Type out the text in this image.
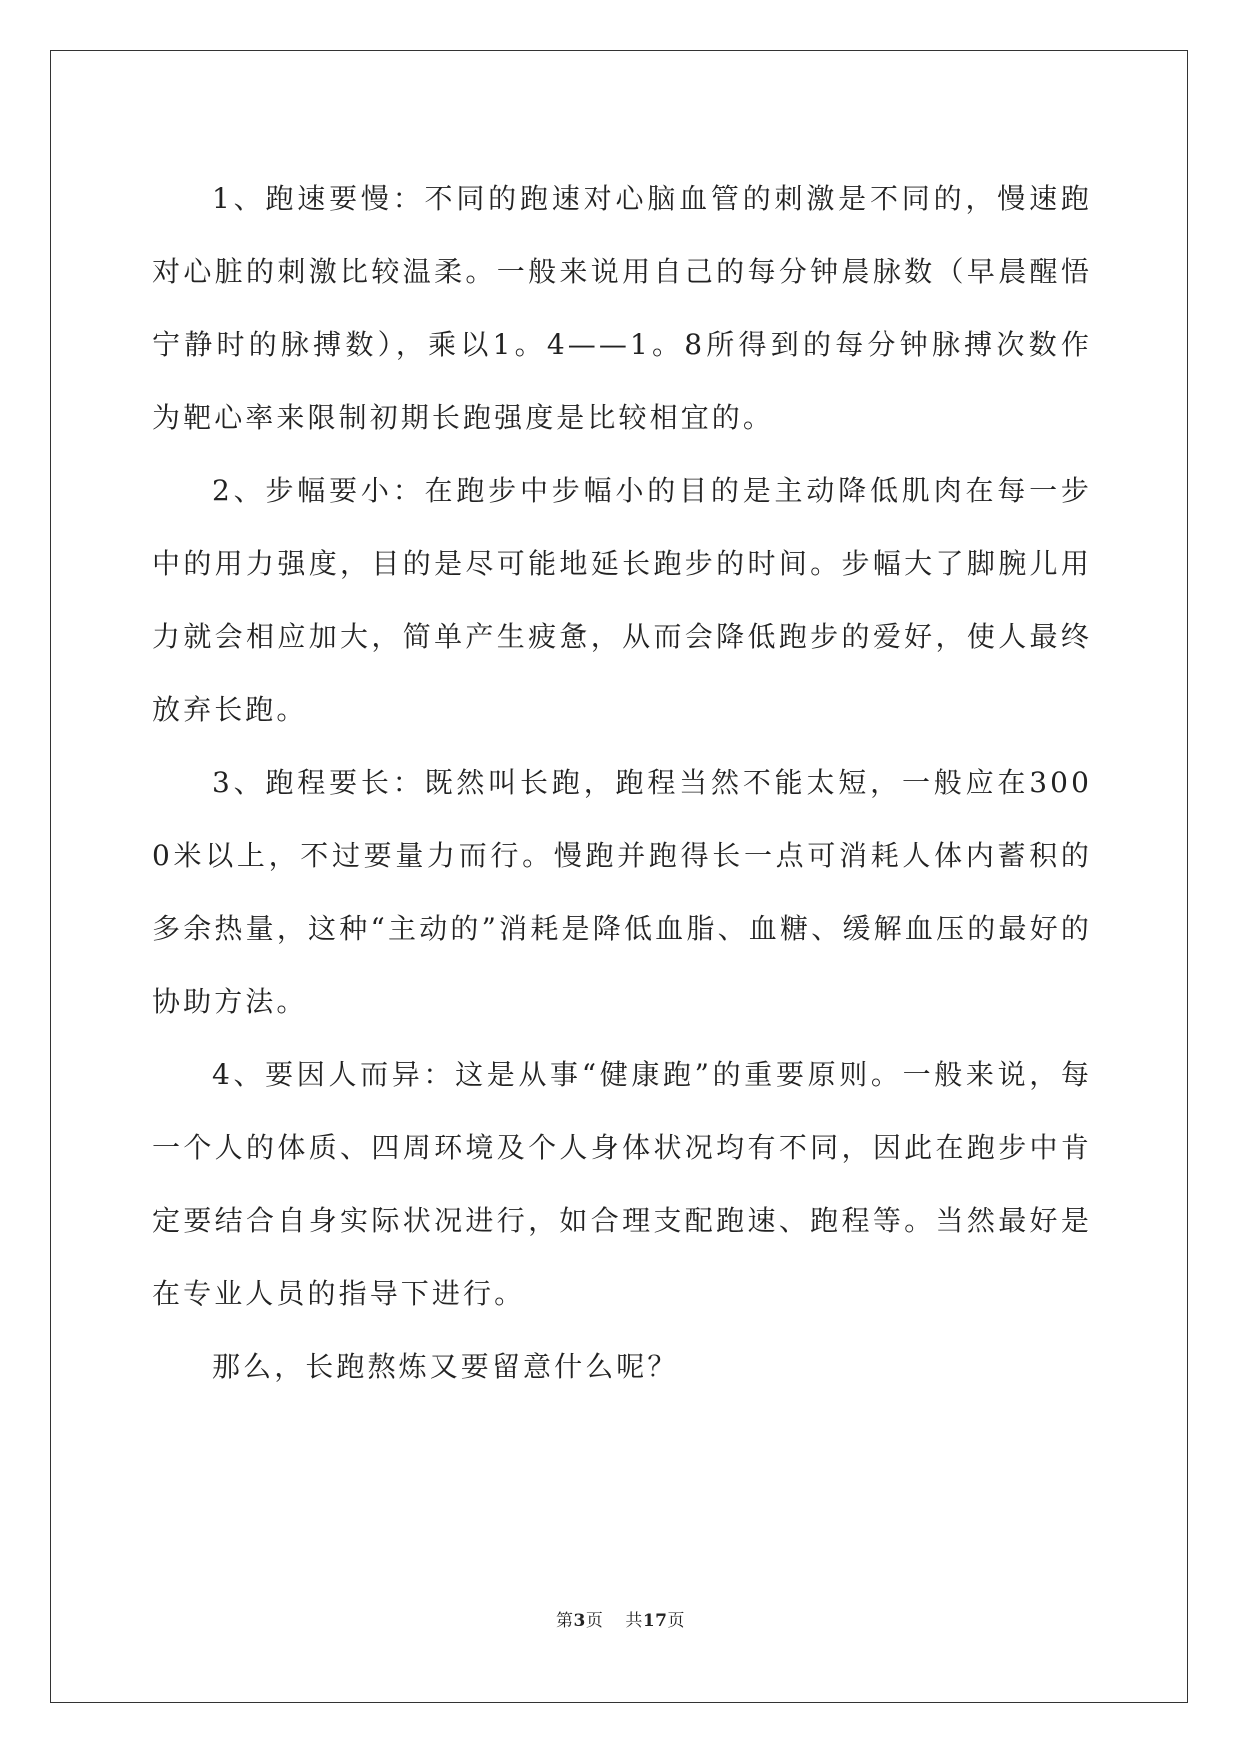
1、跑速要慢：不同的跑速对心脑血管的刺激是不同的，慢速跑对心脏的刺激比较温柔。一般来说用自己的每分钟晨脉数（早晨醒悟宁静时的脉搏数），乘以1。4——1。8所得到的每分钟脉搏次数作为靶心率来限制初期长跑强度是比较相宜的。

2、步幅要小：在跑步中步幅小的目的是主动降低肌肉在每一步中的用力强度，目的是尽可能地延长跑步的时间。步幅大了脚腕儿用力就会相应加大，简单产生疲惫，从而会降低跑步的爱好，使人最终放弃长跑。

3、跑程要长：既然叫长跑，跑程当然不能太短，一般应在3000米以上，不过要量力而行。慢跑并跑得长一点可消耗人体内蓄积的多余热量，这种“主动的”消耗是降低血脂、血糖、缓解血压的最好的协助方法。

4、要因人而异：这是从事“健康跑”的重要原则。一般来说，每一个人的体质、四周环境及个人身体状况均有不同，因此在跑步中肯定要结合自身实际状况进行，如合理支配跑速、跑程等。当然最好是在专业人员的指导下进行。

那么，长跑熬炼又要留意什么呢？

第3页 共17页
